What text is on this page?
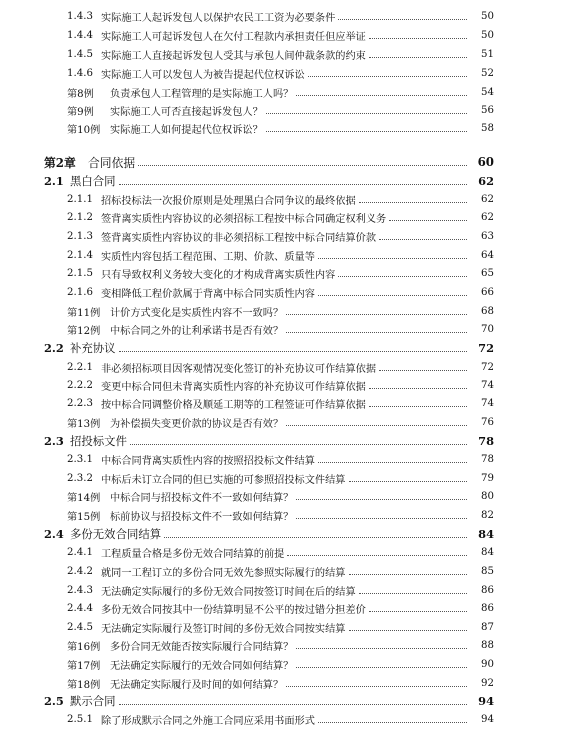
1.4.3 实际施工人起诉发包人以保护农民工工资为必要条件	50
1.4.4 实际施工人可起诉发包人在欠付工程款内承担责任但应举证	50
1.4.5 实际施工人直接起诉发包人受其与承包人间仲裁条款的约束	51
1.4.6 实际施工人可以发包人为被告提起代位权诉讼	52
第8例	负责承包人工程管理的是实际施工人吗？	54
第9例	实际施工人可否直接起诉发包人？	56
第10例 实际施工人如何提起代位权诉讼？	58
第2章	合同依据	60
2.1 黑白合同	62
2.1.1 招标投标法一次报价原则是处理黑白合同争议的最终依据	62
2.1.2 签背离实质性内容协议的必须招标工程按中标合同确定权利义务	62
2.1.3 签背离实质性内容协议的非必须招标工程按中标合同结算价款	63
2.1.4 实质性内容包括工程范围、工期、价款、质量等	64
2.1.5 只有导致权利义务较大变化的才构成背离实质性内容	65
2.1.6 变相降低工程价款属于背离中标合同实质性内容	66
第11例 计价方式变化是实质性内容不一致吗？	68
第12例 中标合同之外的让利承诺书是否有效？	70
2.2 补充协议	72
2.2.1 非必须招标项目因客观情况变化签订的补充协议可作结算依据	72
2.2.2 变更中标合同但未背离实质性内容的补充协议可作结算依据	74
2.2.3 按中标合同调整价格及顺延工期等的工程签证可作结算依据	74
第13例 为补偿损失变更价款的协议是否有效？	76
2.3 招投标文件	78
2.3.1 中标合同背离实质性内容的按照招投标文件结算	78
2.3.2 中标后未订立合同的但已实施的可参照招投标文件结算	79
第14例 中标合同与招投标文件不一致如何结算？	80
第15例 标前协议与招投标文件不一致如何结算？	82
2.4 多份无效合同结算	84
2.4.1 工程质量合格是多份无效合同结算的前提	84
2.4.2 就同一工程订立的多份合同无效先参照实际履行的结算	85
2.4.3 无法确定实际履行的多份无效合同按签订时间在后的结算	86
2.4.4 多份无效合同按其中一份结算明显不公平的按过错分担差价	86
2.4.5 无法确定实际履行及签订时间的多份无效合同按实结算	87
第16例 多份合同无效能否按实际履行合同结算？	88
第17例 无法确定实际履行的无效合同如何结算？	90
第18例 无法确定实际履行及时间的如何结算？	92
2.5 默示合同	94
2.5.1 除了形成默示合同之外施工合同应采用书面形式	94
